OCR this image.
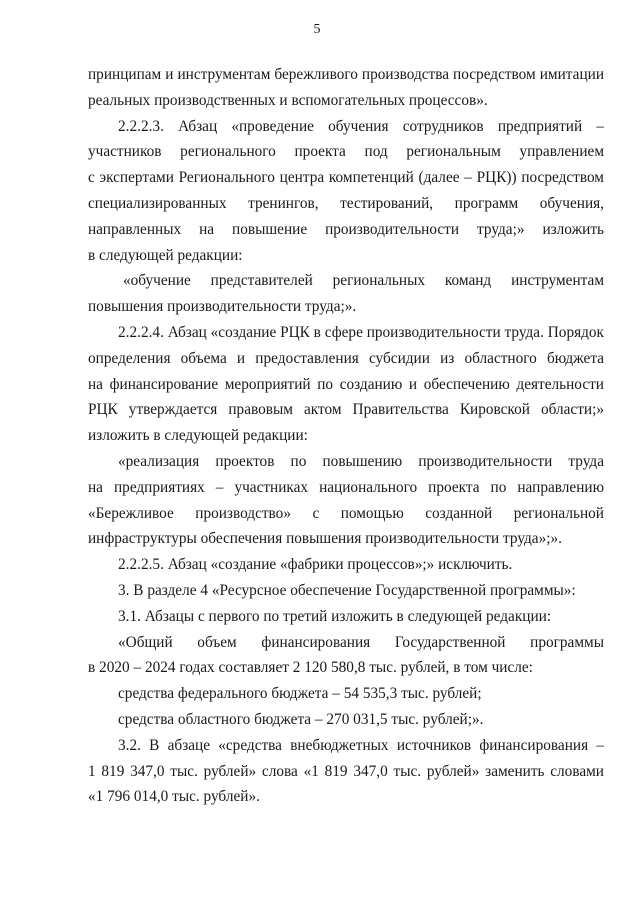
5
принципам и инструментам бережливого производства посредством имитации
реальных производственных и вспомогательных процессов».
2.2.2.3. Абзац «проведение обучения сотрудников предприятий –
участников регионального проекта под региональным управлением
с экспертами Регионального центра компетенций (далее – РЦК)) посредством
специализированных тренингов, тестирований, программ обучения,
направленных на повышение производительности труда;» изложить
в следующей редакции:
«обучение представителей региональных команд инструментам
повышения производительности труда;».
2.2.2.4. Абзац «создание РЦК в сфере производительности труда. Порядок
определения объема и предоставления субсидии из областного бюджета
на финансирование мероприятий по созданию и обеспечению деятельности
РЦК утверждается правовым актом Правительства Кировской области;»
изложить в следующей редакции:
«реализация проектов по повышению производительности труда
на предприятиях – участниках национального проекта по направлению
«Бережливое производство» с помощью созданной региональной
инфраструктуры обеспечения повышения производительности труда»;».
2.2.2.5. Абзац «создание «фабрики процессов»;» исключить.
3. В разделе 4 «Ресурсное обеспечение Государственной программы»:
3.1. Абзацы с первого по третий изложить в следующей редакции:
«Общий объем финансирования Государственной программы
в 2020 – 2024 годах составляет 2 120 580,8 тыс. рублей, в том числе:
средства федерального бюджета – 54 535,3 тыс. рублей;
средства областного бюджета – 270 031,5 тыс. рублей;».
3.2. В абзаце «средства внебюджетных источников финансирования –
1 819 347,0 тыс. рублей» слова «1 819 347,0 тыс. рублей» заменить словами
«1 796 014,0 тыс. рублей».
